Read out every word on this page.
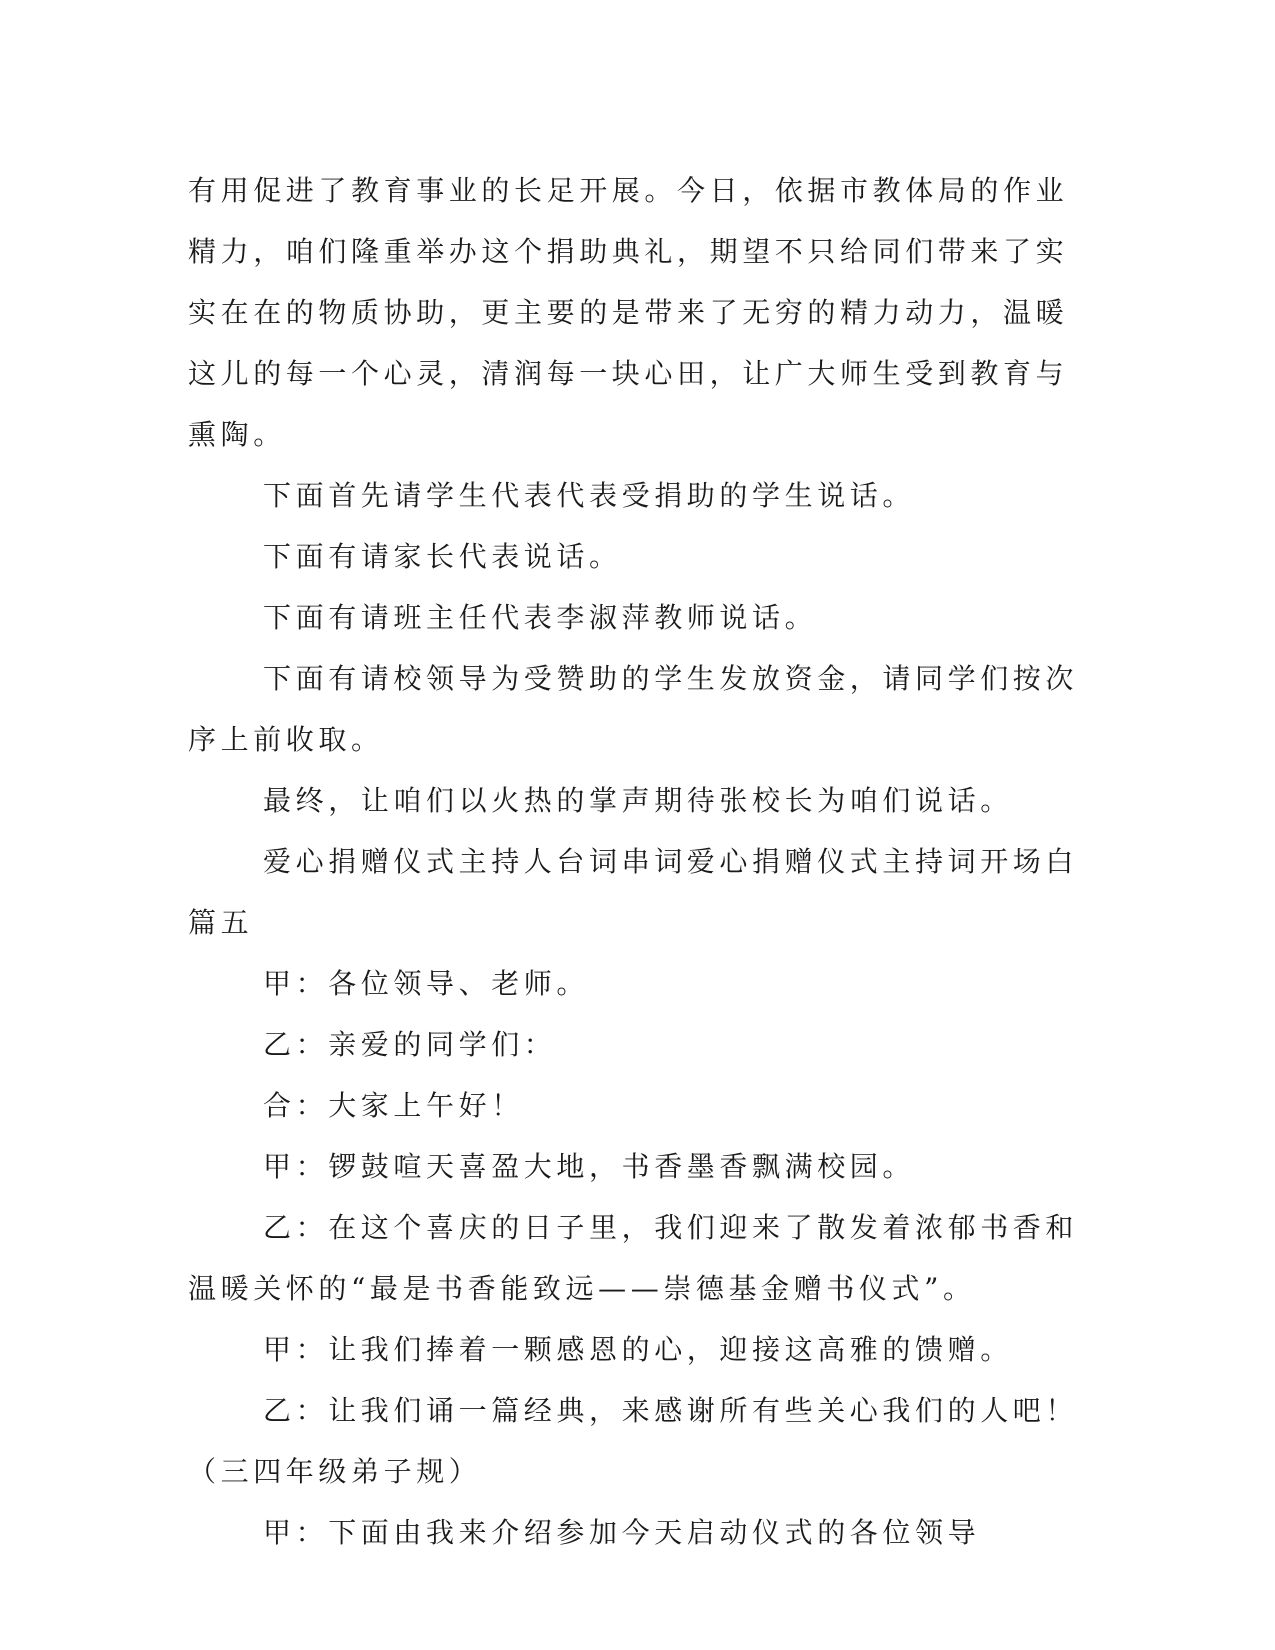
有用促进了教育事业的长足开展。今日，依据市教体局的作业精力，咱们隆重举办这个捐助典礼，期望不只给同们带来了实实在在的物质协助，更主要的是带来了无穷的精力动力，温暖这儿的每一个心灵，清润每一块心田，让广大师生受到教育与熏陶。

下面首先请学生代表代表受捐助的学生说话。

下面有请家长代表说话。

下面有请班主任代表李淑萍教师说话。

下面有请校领导为受赞助的学生发放资金，请同学们按次序上前收取。

最终，让咱们以火热的掌声期待张校长为咱们说话。

爱心捐赠仪式主持人台词串词爱心捐赠仪式主持词开场白篇五

甲：各位领导、老师。

乙：亲爱的同学们：

合：大家上午好！

甲：锣鼓喧天喜盈大地，书香墨香飘满校园。

乙：在这个喜庆的日子里，我们迎来了散发着浓郁书香和温暖关怀的“最是书香能致远——崇德基金赠书仪式”。

甲：让我们捧着一颗感恩的心，迎接这高雅的馈赠。

乙：让我们诵一篇经典，来感谢所有些关心我们的人吧！（三四年级弟子规）

甲：下面由我来介绍参加今天启动仪式的各位领导
